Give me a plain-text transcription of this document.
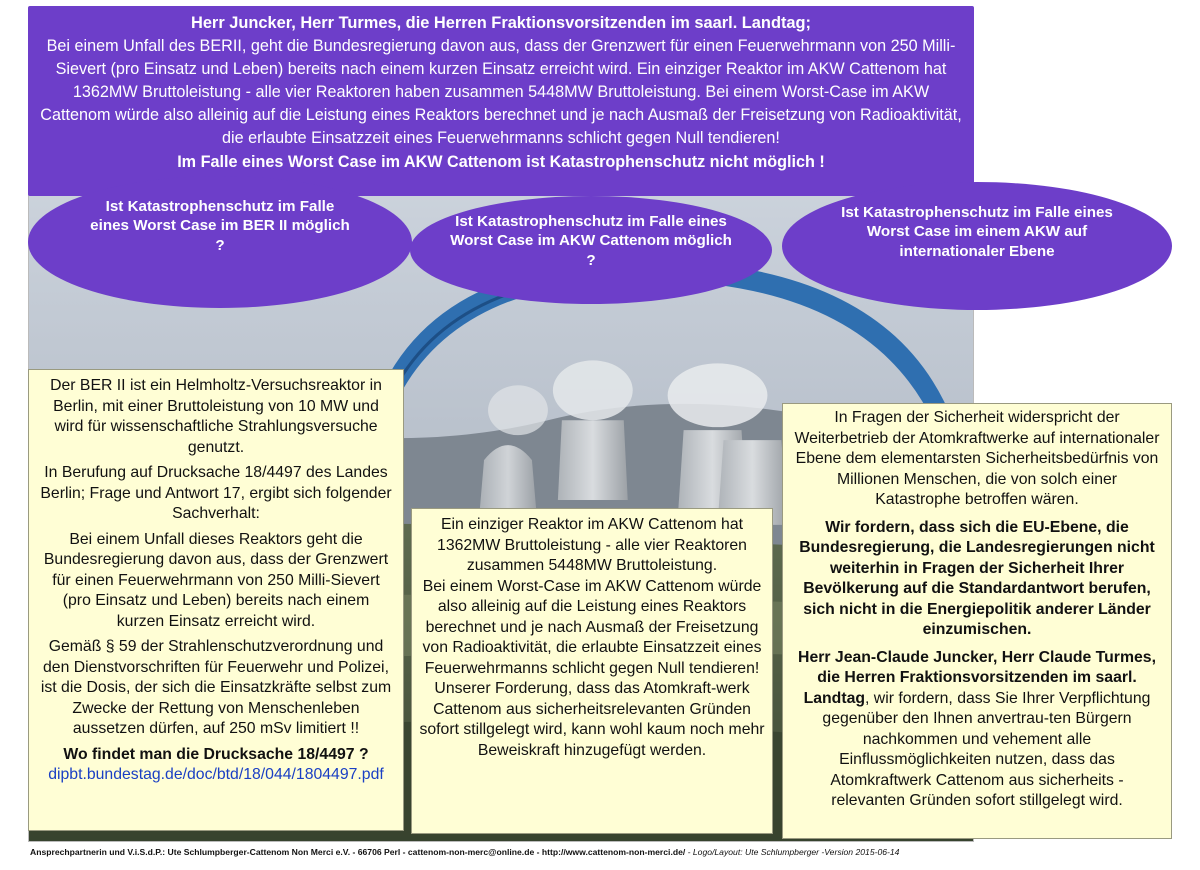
Herr Juncker, Herr Turmes, die Herren Fraktionsvorsitzenden im saarl. Landtag;
Bei einem Unfall des BERII, geht die Bundesregierung davon aus, dass der Grenzwert für einen Feuerwehrmann von 250 Milli-Sievert (pro Einsatz und Leben) bereits nach einem kurzen Einsatz erreicht wird. Ein einziger Reaktor im AKW Cattenom hat 1362MW Bruttoleistung - alle vier Reaktoren haben zusammen 5448MW Bruttoleistung. Bei einem Worst-Case im AKW Cattenom würde also alleinig auf die Leistung eines Reaktors berechnet und je nach Ausmaß der Freisetzung von Radioaktivität, die erlaubte Einsatzzeit eines Feuerwehrmanns schlicht gegen Null tendieren!
Im Falle eines Worst Case im AKW Cattenom ist Katastrophenschutz nicht möglich !
Ist Katastrophenschutz im Falle eines Worst Case im BER II möglich ?
Ist Katastrophenschutz im Falle eines Worst Case im AKW Cattenom möglich ?
Ist Katastrophenschutz im Falle eines Worst Case im einem AKW auf internationaler Ebene

Der BER II ist ein Helmholtz-Versuchsreaktor in Berlin, mit einer Bruttoleistung von 10 MW und wird für wissenschaftliche Strahlungsversuche genutzt.

In Berufung auf Drucksache 18/4497 des Landes Berlin; Frage und Antwort 17, ergibt sich folgender Sachverhalt:

Bei einem Unfall dieses Reaktors geht die Bundesregierung davon aus, dass der Grenzwert für einen Feuerwehrmann von 250 Milli-Sievert (pro Einsatz und Leben) bereits nach einem kurzen Einsatz erreicht wird.

Gemäß § 59 der Strahlenschutzverordnung und den Dienstvorschriften für Feuerwehr und Polizei, ist die Dosis, der sich die Einsatzkräfte selbst zum Zwecke der Rettung von Menschenleben aussetzen dürfen, auf 250 mSv limitiert !!

Wo findet man die Drucksache 18/4497 ?

dipbt.bundestag.de/doc/btd/18/044/1804497.pdf

Ein einziger Reaktor im AKW Cattenom hat 1362MW Bruttoleistung - alle vier Reaktoren zusammen 5448MW Bruttoleistung.

Bei einem Worst-Case im AKW Cattenom würde also alleinig auf die Leistung eines Reaktors berechnet und je nach Ausmaß der Freisetzung von Radioaktivität, die erlaubte Einsatzzeit eines Feuerwehrmanns schlicht gegen Null tendieren!

Unserer Forderung, dass das Atomkraft-werk Cattenom aus sicherheitsrelevanten Gründen sofort stillgelegt wird, kann wohl kaum noch mehr Beweiskraft hinzugefügt werden.

In Fragen der Sicherheit widerspricht der Weiterbetrieb der Atomkraftwerke auf internationaler Ebene dem elementarsten Sicherheitsbedürfnis von Millionen Menschen, die von solch einer Katastrophe betroffen wären.

Wir fordern, dass sich die EU-Ebene, die Bundesregierung, die Landesregierungen nicht weiterhin in Fragen der Sicherheit Ihrer Bevölkerung auf die Standardantwort berufen, sich nicht in die Energiepolitik anderer Länder einzumischen.

Herr Jean-Claude Juncker, Herr Claude Turmes, die Herren Fraktionsvorsitzenden im saarl. Landtag, wir fordern, dass Sie Ihrer Verpflichtung gegenüber den Ihnen anvertrau-ten Bürgern nachkommen und vehement alle Einflussmöglichkeiten nutzen, dass das Atomkraftwerk Cattenom aus sicherheits - relevanten Gründen sofort stillgelegt wird.

Ansprechpartnerin und V.i.S.d.P.: Ute Schlumpberger-Cattenom Non Merci e.V. - 66706 Perl - cattenom-non-merc@online.de - http://www.cattenom-non-merci.de/ - Logo/Layout: Ute Schlumpberger -Version 2015-06-14
